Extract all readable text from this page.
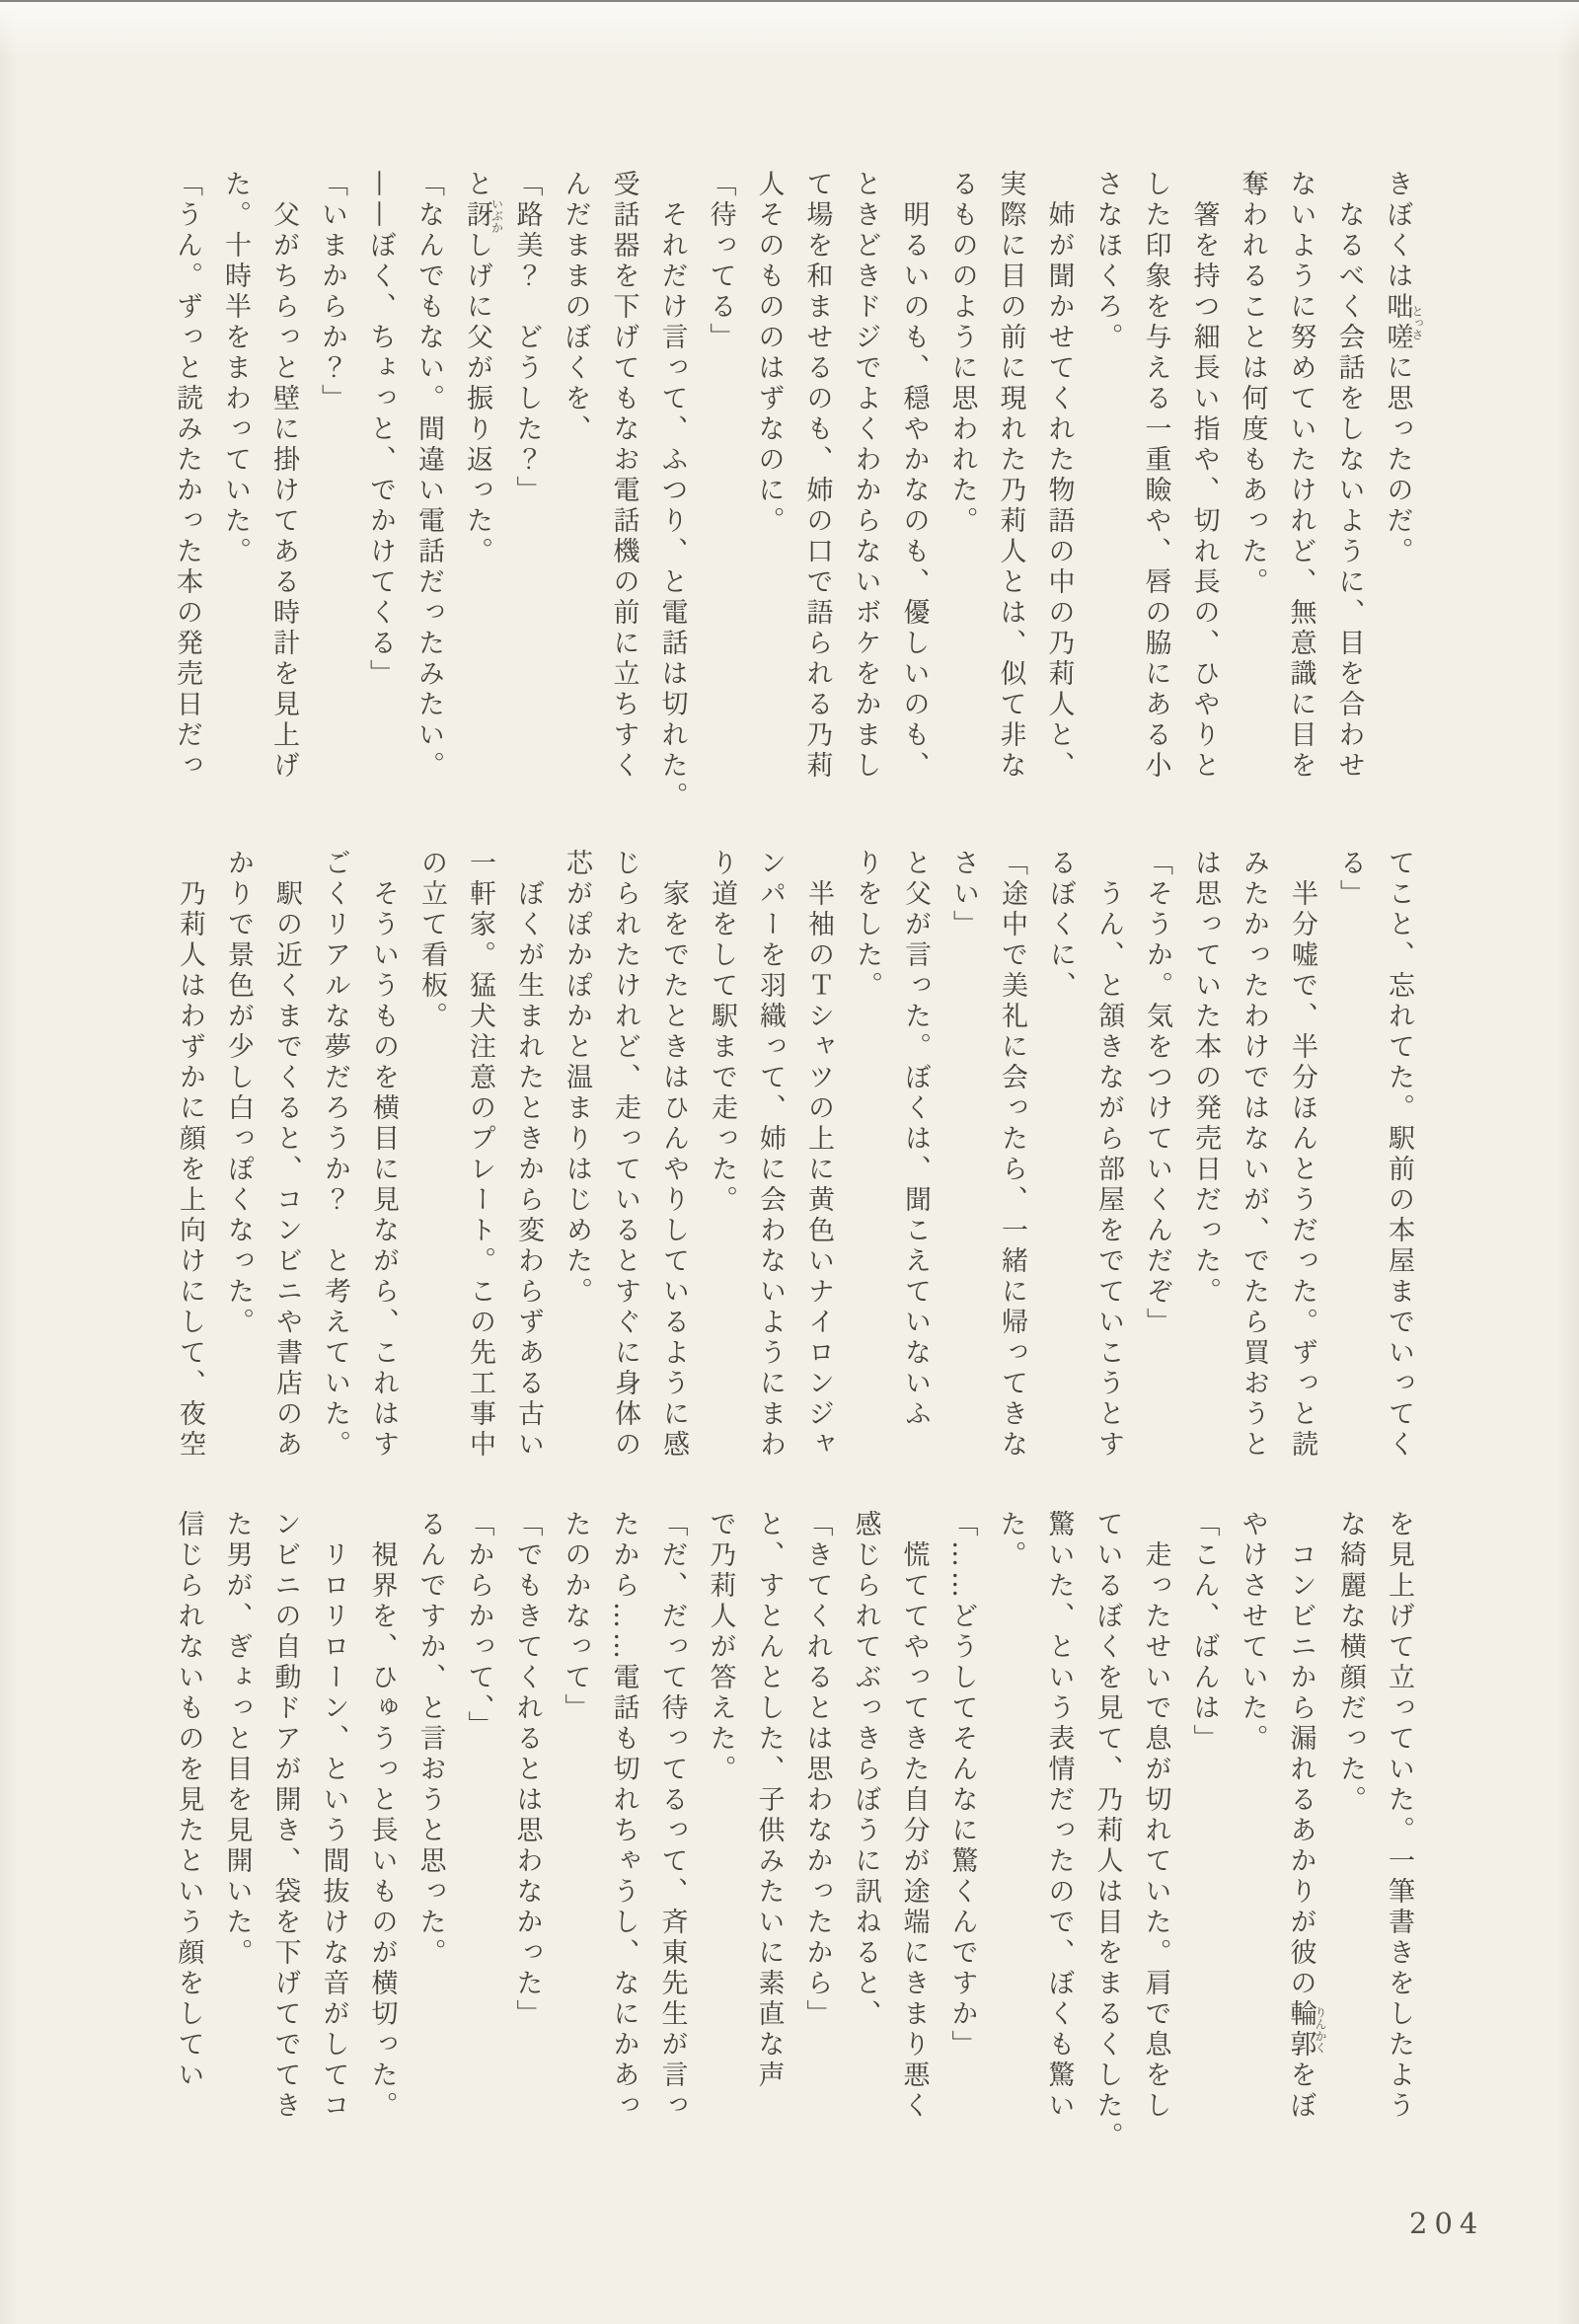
きぼくは咄嗟とっさに思ったのだ。

　なるべく会話をしないように、目を合わせ

ないように努めていたけれど、無意識に目を

奪われることは何度もあった。

　箸を持つ細長い指や、切れ長の、ひやりと

した印象を与える一重瞼や、唇の脇にある小

さなほくろ。

　姉が聞かせてくれた物語の中の乃莉人と、

実際に目の前に現れた乃莉人とは、似て非な

るもののように思われた。

　明るいのも、穏やかなのも、優しいのも、

ときどきドジでよくわからないボケをかまし

て場を和ませるのも、姉の口で語られる乃莉

人そのもののはずなのに。

「待ってる」

　それだけ言って、ふつり、と電話は切れた。

受話器を下げてもなお電話機の前に立ちすく

んだままのぼくを、

「路美？　どうした？」

と訝いぶかしげに父が振り返った。

「なんでもない。間違い電話だったみたい。

——ぼく、ちょっと、でかけてくる」

「いまからか？」

　父がちらっと壁に掛けてある時計を見上げ

た。十時半をまわっていた。

「うん。ずっと読みたかった本の発売日だっ

てこと、忘れてた。駅前の本屋までいってく

る」

　半分嘘で、半分ほんとうだった。ずっと読

みたかったわけではないが、でたら買おうと

は思っていた本の発売日だった。

「そうか。気をつけていくんだぞ」

　うん、と頷きながら部屋をでていこうとす

るぼくに、

「途中で美礼に会ったら、一緒に帰ってきな

さい」

と父が言った。ぼくは、聞こえていないふ

りをした。

　半袖のＴシャツの上に黄色いナイロンジャ

ンパーを羽織って、姉に会わないようにまわ

り道をして駅まで走った。

　家をでたときはひんやりしているように感

じられたけれど、走っているとすぐに身体の

芯がぽかぽかと温まりはじめた。

　ぼくが生まれたときから変わらずある古い

一軒家。猛犬注意のプレート。この先工事中

の立て看板。

　そういうものを横目に見ながら、これはす

ごくリアルな夢だろうか？　と考えていた。

　駅の近くまでくると、コンビニや書店のあ

かりで景色が少し白っぽくなった。

　乃莉人はわずかに顔を上向けにして、夜空

を見上げて立っていた。一筆書きをしたよう

な綺麗な横顔だった。

　コンビニから漏れるあかりが彼の輪郭りんかくをぼ

やけさせていた。

「こん、ばんは」

　走ったせいで息が切れていた。肩で息をし

ているぼくを見て、乃莉人は目をまるくした。

驚いた、という表情だったので、ぼくも驚い

た。

「……どうしてそんなに驚くんですか」

　慌ててやってきた自分が途端にきまり悪く

感じられてぶっきらぼうに訊ねると、

「きてくれるとは思わなかったから」

と、すとんとした、子供みたいに素直な声

で乃莉人が答えた。

「だ、だって待ってるって、斉東先生が言っ

たから……電話も切れちゃうし、なにかあっ

たのかなって」

「でもきてくれるとは思わなかった」

「からかって、」

るんですか、と言おうと思った。

　視界を、ひゅうっと長いものが横切った。

　リロリローン、という間抜けな音がしてコ

ンビニの自動ドアが開き、袋を下げてでてき

た男が、ぎょっと目を見開いた。

信じられないものを見たという顔をしてい

204
